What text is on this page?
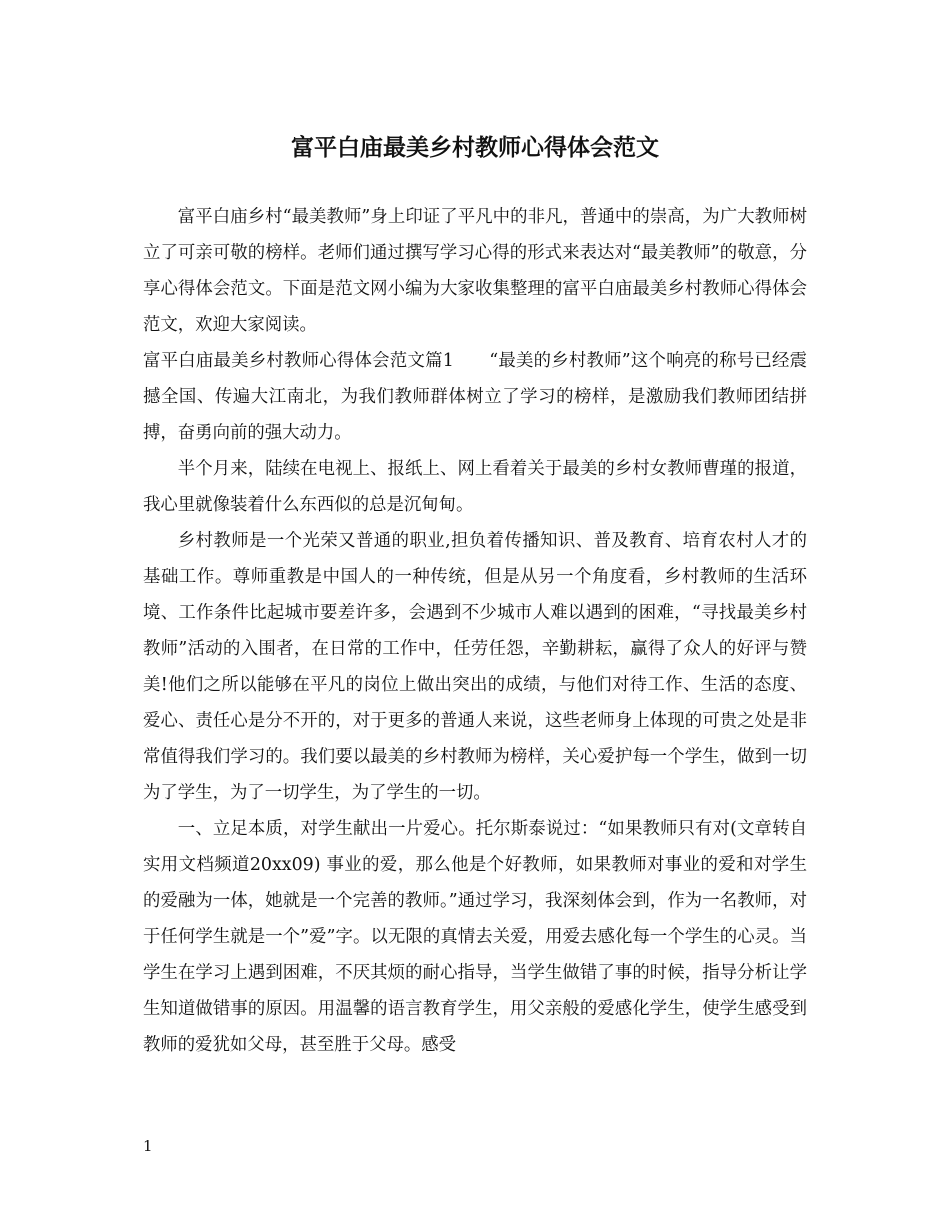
富平白庙最美乡村教师心得体会范文

富平白庙乡村“最美教师”身上印证了平凡中的非凡，普通中的崇高，为广大教师树立了可亲可敬的榜样。老师们通过撰写学习心得的形式来表达对“最美教师”的敬意，分享心得体会范文。下面是范文网小编为大家收集整理的富平白庙最美乡村教师心得体会范文，欢迎大家阅读。

富平白庙最美乡村教师心得体会范文篇1　　“最美的乡村教师”这个响亮的称号已经震撼全国、传遍大江南北，为我们教师群体树立了学习的榜样，是激励我们教师团结拼搏，奋勇向前的强大动力。

半个月来，陆续在电视上、报纸上、网上看着关于最美的乡村女教师曹瑾的报道，我心里就像装着什么东西似的总是沉甸甸。

乡村教师是一个光荣又普通的职业,担负着传播知识、普及教育、培育农村人才的基础工作。尊师重教是中国人的一种传统，但是从另一个角度看，乡村教师的生活环境、工作条件比起城市要差许多，会遇到不少城市人难以遇到的困难，“寻找最美乡村教师”活动的入围者，在日常的工作中，任劳任怨，辛勤耕耘，赢得了众人的好评与赞美!他们之所以能够在平凡的岗位上做出突出的成绩，与他们对待工作、生活的态度、爱心、责任心是分不开的，对于更多的普通人来说，这些老师身上体现的可贵之处是非常值得我们学习的。我们要以最美的乡村教师为榜样，关心爱护每一个学生，做到一切为了学生，为了一切学生，为了学生的一切。

一、立足本质，对学生献出一片爱心。托尔斯泰说过：“如果教师只有对(文章转自实用文档频道20xx09) 事业的爱，那么他是个好教师，如果教师对事业的爱和对学生的爱融为一体，她就是一个完善的教师。”通过学习，我深刻体会到，作为一名教师，对于任何学生就是一个”爱”字。以无限的真情去关爱，用爱去感化每一个学生的心灵。当学生在学习上遇到困难，不厌其烦的耐心指导，当学生做错了事的时候，指导分析让学生知道做错事的原因。用温馨的语言教育学生，用父亲般的爱感化学生，使学生感受到教师的爱犹如父母，甚至胜于父母。感受

1
